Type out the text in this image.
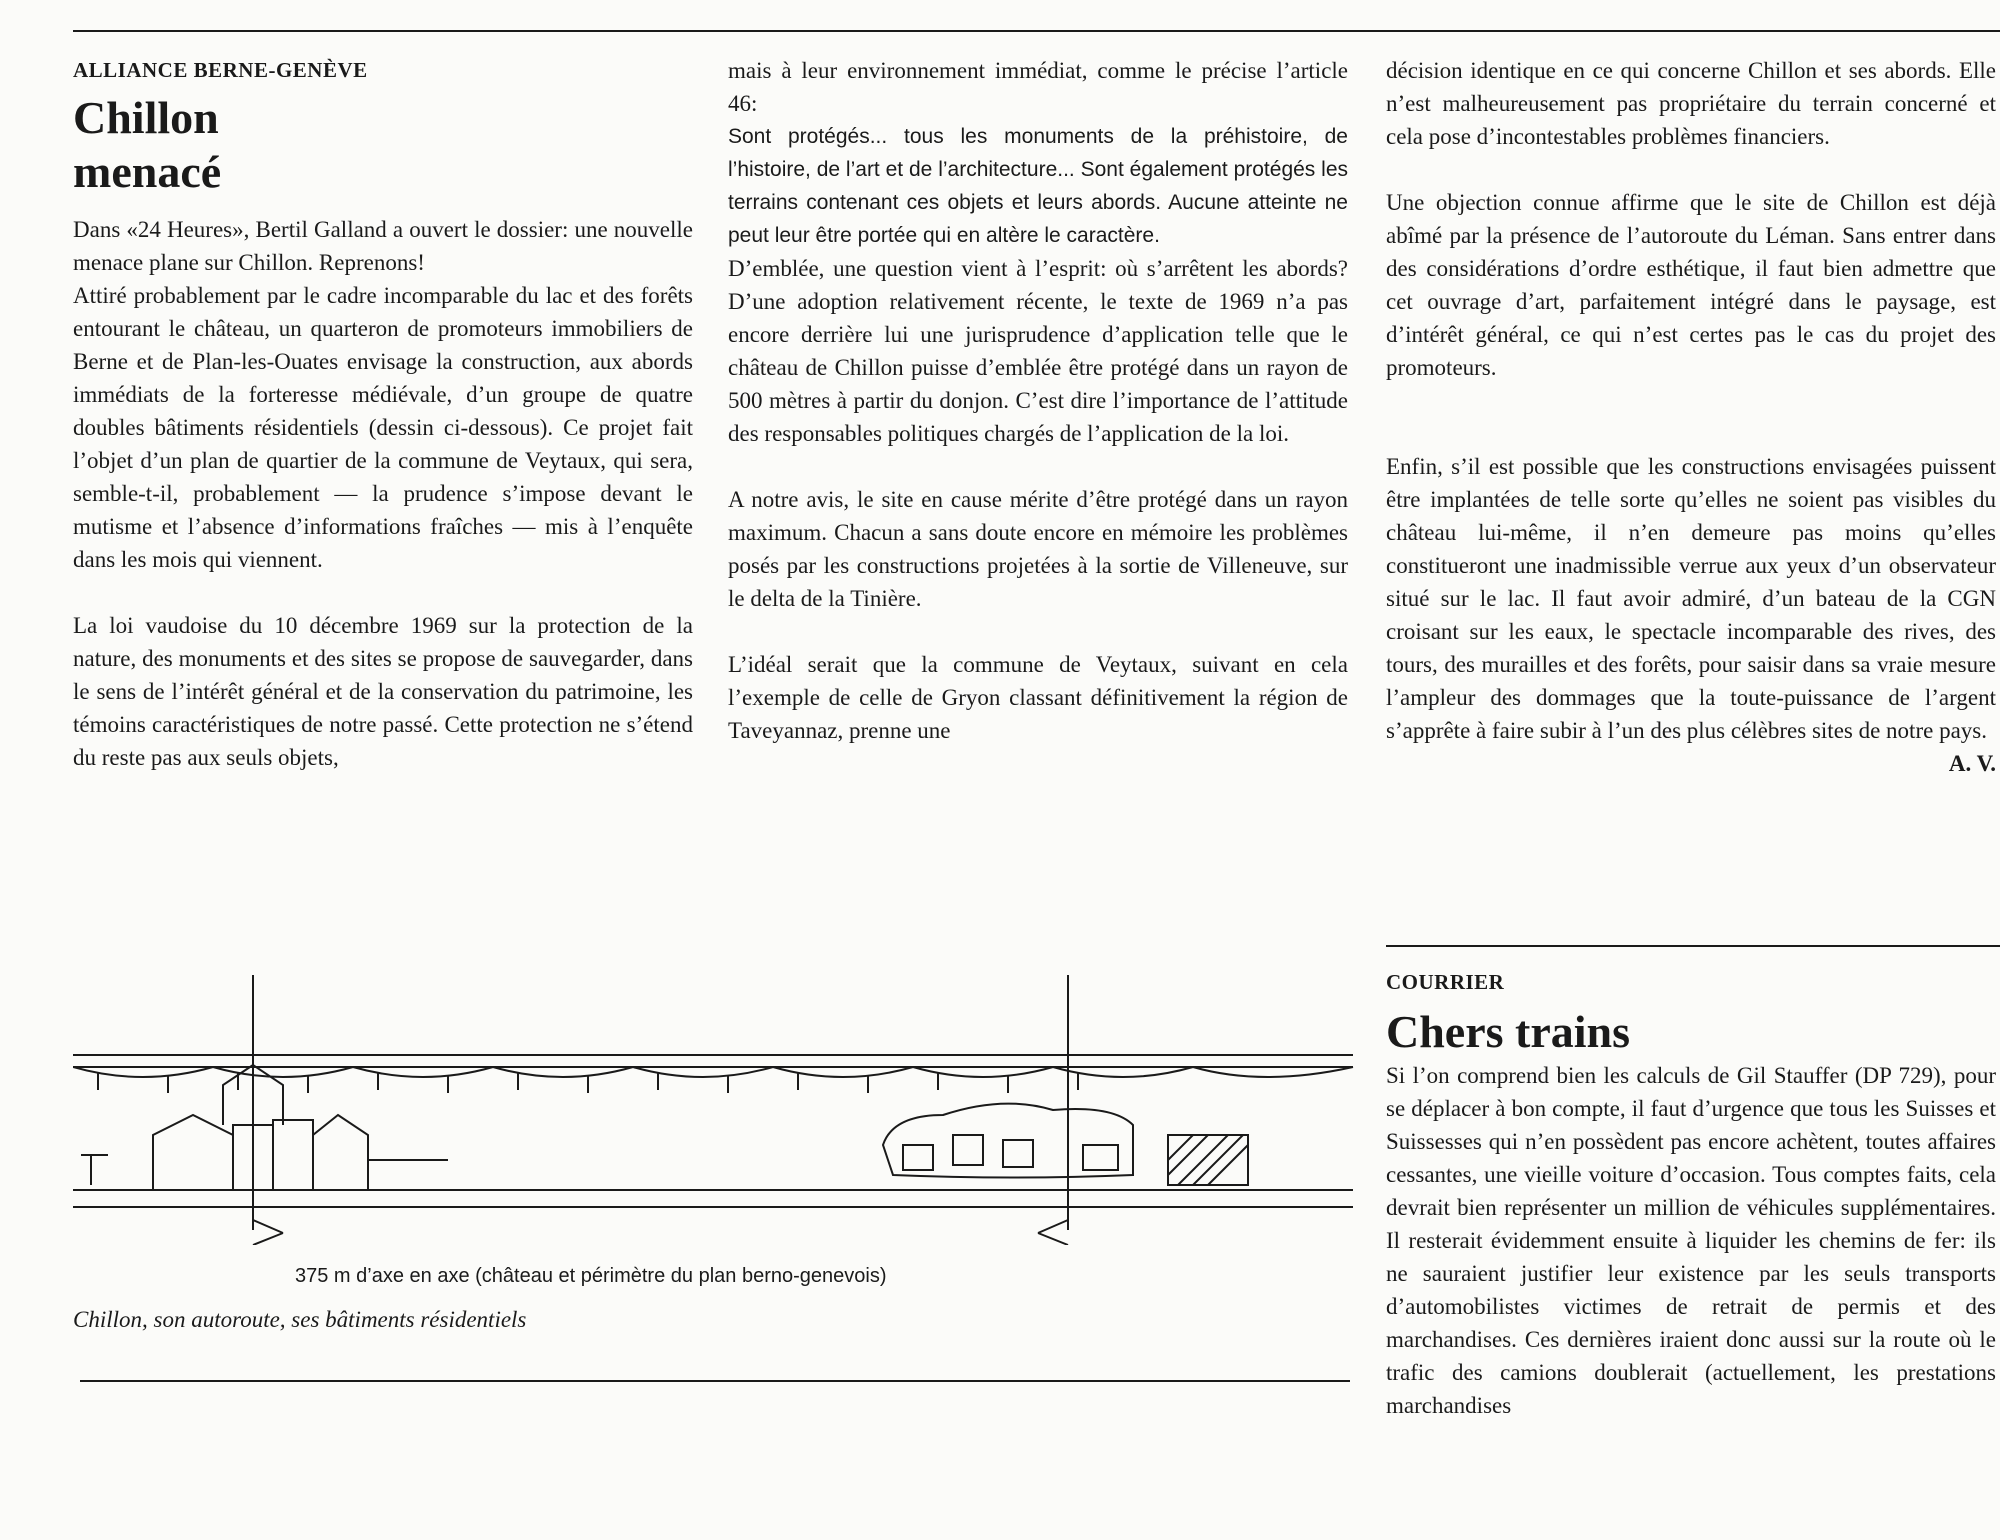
ALLIANCE BERNE-GENÈVE

Chillon
menacé

Dans «24 Heures», Bertil Galland a ouvert le dossier: une nouvelle menace plane sur Chillon. Reprenons!

Attiré probablement par le cadre incomparable du lac et des forêts entourant le château, un quarteron de promoteurs immobiliers de Berne et de Plan-les-Ouates envisage la construction, aux abords immédiats de la forteresse médiévale, d’un groupe de quatre doubles bâtiments résidentiels (dessin ci-dessous). Ce projet fait l’objet d’un plan de quartier de la commune de Veytaux, qui sera, semble-t-il, probablement — la prudence s’impose devant le mutisme et l’absence d’informations fraîches — mis à l’enquête dans les mois qui viennent.

La loi vaudoise du 10 décembre 1969 sur la protection de la nature, des monuments et des sites se propose de sauvegarder, dans le sens de l’intérêt général et de la conservation du patrimoine, les témoins caractéristiques de notre passé. Cette protection ne s’étend du reste pas aux seuls objets,

mais à leur environnement immédiat, comme le précise l’article 46:

Sont protégés... tous les monuments de la préhistoire, de l’histoire, de l’art et de l’architecture... Sont également protégés les terrains contenant ces objets et leurs abords. Aucune atteinte ne peut leur être portée qui en altère le caractère.

D’emblée, une question vient à l’esprit: où s’arrêtent les abords? D’une adoption relativement récente, le texte de 1969 n’a pas encore derrière lui une jurisprudence d’application telle que le château de Chillon puisse d’emblée être protégé dans un rayon de 500 mètres à partir du donjon. C’est dire l’importance de l’attitude des responsables politiques chargés de l’application de la loi.

A notre avis, le site en cause mérite d’être protégé dans un rayon maximum. Chacun a sans doute encore en mémoire les problèmes posés par les constructions projetées à la sortie de Villeneuve, sur le delta de la Tinière.

L’idéal serait que la commune de Veytaux, suivant en cela l’exemple de celle de Gryon classant définitivement la région de Taveyannaz, prenne une

décision identique en ce qui concerne Chillon et ses abords. Elle n’est malheureusement pas propriétaire du terrain concerné et cela pose d’incontestables problèmes financiers.

Une objection connue affirme que le site de Chillon est déjà abîmé par la présence de l’autoroute du Léman. Sans entrer dans des considérations d’ordre esthétique, il faut bien admettre que cet ouvrage d’art, parfaitement intégré dans le paysage, est d’intérêt général, ce qui n’est certes pas le cas du projet des promoteurs.

Enfin, s’il est possible que les constructions envisagées puissent être implantées de telle sorte qu’elles ne soient pas visibles du château lui-même, il n’en demeure pas moins qu’elles constitueront une inadmissible verrue aux yeux d’un observateur situé sur le lac. Il faut avoir admiré, d’un bateau de la CGN croisant sur les eaux, le spectacle incomparable des rives, des tours, des murailles et des forêts, pour saisir dans sa vraie mesure l’ampleur des dommages que la toute-puissance de l’argent s’apprête à faire subir à l’un des plus célèbres sites de notre pays.
A. V.

COURRIER

Chers trains

Si l’on comprend bien les calculs de Gil Stauffer (DP 729), pour se déplacer à bon compte, il faut d’urgence que tous les Suisses et Suissesses qui n’en possèdent pas encore achètent, toutes affaires cessantes, une vieille voiture d’occasion. Tous comptes faits, cela devrait bien représenter un million de véhicules supplémentaires. Il resterait évidemment ensuite à liquider les chemins de fer: ils ne sauraient justifier leur existence par les seuls transports d’automobilistes victimes de retrait de permis et des marchandises. Ces dernières iraient donc aussi sur la route où le trafic des camions doublerait (actuellement, les prestations marchandises

375 m d’axe en axe (château et périmètre du plan berno-genevois)
Chillon, son autoroute, ses bâtiments résidentiels
